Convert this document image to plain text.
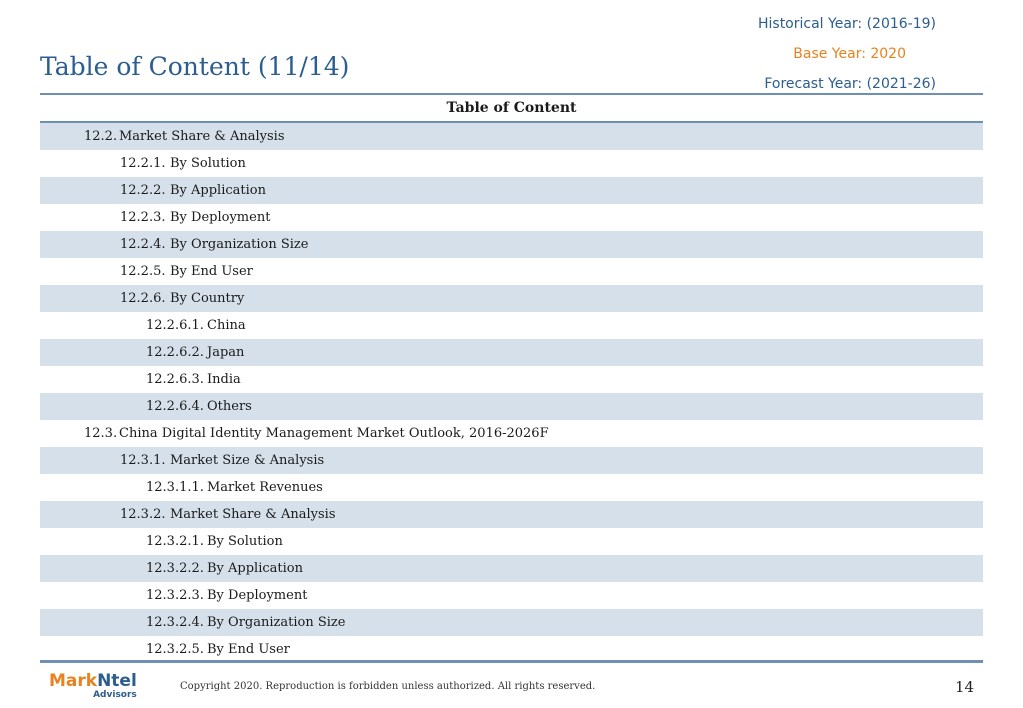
Table of Content (11/14)
Historical Year: (2016-19)
Base Year: 2020
Forecast Year: (2021-26)
Table of Content
12.2. Market Share & Analysis
12.2.1. By Solution
12.2.2. By Application
12.2.3. By Deployment
12.2.4. By Organization Size
12.2.5. By End User
12.2.6. By Country
12.2.6.1. China
12.2.6.2. Japan
12.2.6.3. India
12.2.6.4. Others
12.3. China Digital Identity Management Market Outlook, 2016-2026F
12.3.1. Market Size & Analysis
12.3.1.1. Market Revenues
12.3.2. Market Share & Analysis
12.3.2.1. By Solution
12.3.2.2. By Application
12.3.2.3. By Deployment
12.3.2.4. By Organization Size
12.3.2.5. By End User
MarkNtel
Advisors
Copyright 2020. Reproduction is forbidden unless authorized. All rights reserved.	14
